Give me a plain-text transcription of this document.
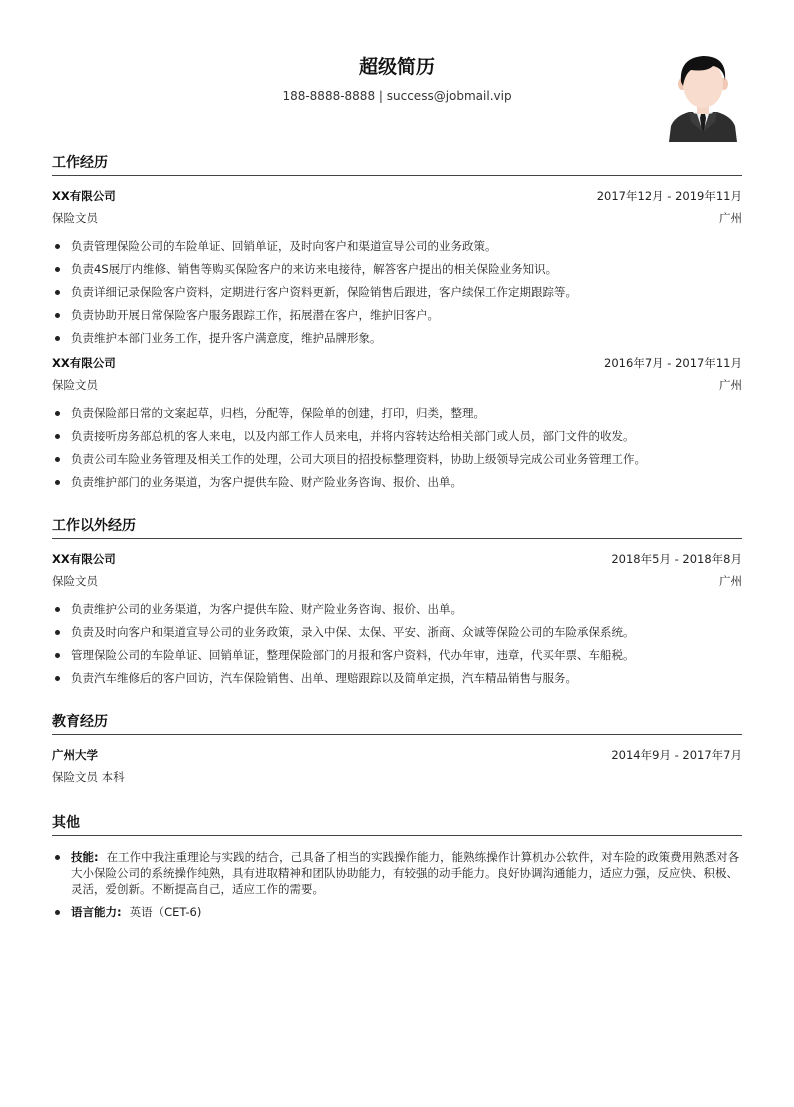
超级简历
188-8888-8888 | success@jobmail.vip
工作经历
XX有限公司	2017年12月 - 2019年11月
保险文员	广州
负责管理保险公司的车险单证、回销单证，及时向客户和渠道宣导公司的业务政策。
负责4S展厅内维修、销售等购买保险客户的来访来电接待，解答客户提出的相关保险业务知识。
负责详细记录保险客户资料，定期进行客户资料更新，保险销售后跟进，客户续保工作定期跟踪等。
负责协助开展日常保险客户服务跟踪工作，拓展潜在客户，维护旧客户。
负责维护本部门业务工作，提升客户满意度，维护品牌形象。
XX有限公司	2016年7月 - 2017年11月
保险文员	广州
负责保险部日常的文案起草，归档，分配等，保险单的创建，打印，归类，整理。
负责接听房务部总机的客人来电，以及内部工作人员来电，并将内容转达给相关部门或人员，部门文件的收发。
负责公司车险业务管理及相关工作的处理，公司大项目的招投标整理资料，协助上级领导完成公司业务管理工作。
负责维护部门的业务渠道，为客户提供车险、财产险业务咨询、报价、出单。
工作以外经历
XX有限公司	2018年5月 - 2018年8月
保险文员	广州
负责维护公司的业务渠道，为客户提供车险、财产险业务咨询、报价、出单。
负责及时向客户和渠道宣导公司的业务政策，录入中保、太保、平安、浙商、众诚等保险公司的车险承保系统。
管理保险公司的车险单证、回销单证，整理保险部门的月报和客户资料，代办年审，违章，代买年票、车船税。
负责汽车维修后的客户回访，汽车保险销售、出单、理赔跟踪以及简单定损，汽车精品销售与服务。
教育经历
广州大学	2014年9月 - 2017年7月
保险文员 本科
其他
技能: 在工作中我注重理论与实践的结合，己具备了相当的实践操作能力，能熟练操作计算机办公软件，对车险的政策费用熟悉对各大小保险公司的系统操作纯熟，具有进取精神和团队协助能力，有较强的动手能力。良好协调沟通能力，适应力强，反应快、积极、灵活，爱创新。不断提高自己，适应工作的需要。
语言能力: 英语（CET-6)
